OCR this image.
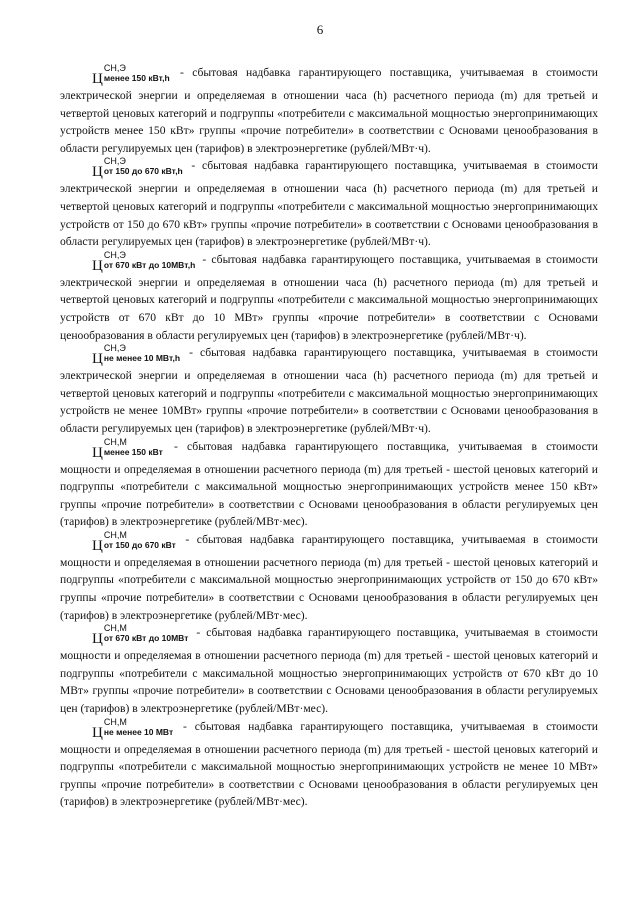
6

Ц
СН,Э
менее 150 кВт,h - сбытовая надбавка гарантирующего поставщика, учитываемая в стоимости электрической энергии и определяемая в отношении часа (h) расчетного периода (m) для третьей и четвертой ценовых категорий и подгруппы «потребители с максимальной мощностью энергопринимающих устройств менее 150 кВт» группы «прочие потребители» в соответствии с Основами ценообразования в области регулируемых цен (тарифов) в электроэнергетике (рублей/МВт·ч).

Ц
СН,Э
от 150 до 670 кВт,h - сбытовая надбавка гарантирующего поставщика, учитываемая в стоимости электрической энергии и определяемая в отношении часа (h) расчетного периода (m) для третьей и четвертой ценовых категорий и подгруппы «потребители с максимальной мощностью энергопринимающих устройств от 150 до 670 кВт» группы «прочие потребители» в соответствии с Основами ценообразования в области регулируемых цен (тарифов) в электроэнергетике (рублей/МВт·ч).

Ц
СН,Э
от 670 кВт до 10МВт,h - сбытовая надбавка гарантирующего поставщика, учитываемая в стоимости электрической энергии и определяемая в отношении часа (h) расчетного периода (m) для третьей и четвертой ценовых категорий и подгруппы «потребители с максимальной мощностью энергопринимающих устройств от 670 кВт до 10 МВт» группы «прочие потребители» в соответствии с Основами ценообразования в области регулируемых цен (тарифов) в электроэнергетике (рублей/МВт·ч).

Ц
СН,Э
не менее 10 МВт,h - сбытовая надбавка гарантирующего поставщика, учитываемая в стоимости электрической энергии и определяемая в отношении часа (h) расчетного периода (m) для третьей и четвертой ценовых категорий и подгруппы «потребители с максимальной мощностью энергопринимающих устройств не менее 10МВт» группы «прочие потребители» в соответствии с Основами ценообразования в области регулируемых цен (тарифов) в электроэнергетике (рублей/МВт·ч).

Ц
СН,М
менее 150 кВт - сбытовая надбавка гарантирующего поставщика, учитываемая в стоимости мощности и определяемая в отношении расчетного периода (m) для третьей - шестой ценовых категорий и подгруппы «потребители с максимальной мощностью энергопринимающих устройств менее 150 кВт» группы «прочие потребители» в соответствии с Основами ценообразования в области регулируемых цен (тарифов) в электроэнергетике (рублей/МВт·мес).

Ц
СН,М
от 150 до 670 кВт - сбытовая надбавка гарантирующего поставщика, учитываемая в стоимости мощности и определяемая в отношении расчетного периода (m) для третьей - шестой ценовых категорий и подгруппы «потребители с максимальной мощностью энергопринимающих устройств от 150 до 670 кВт» группы «прочие потребители» в соответствии с Основами ценообразования в области регулируемых цен (тарифов) в электроэнергетике (рублей/МВт·мес).

Ц
СН,М
от 670 кВт до 10МВт - сбытовая надбавка гарантирующего поставщика, учитываемая в стоимости мощности и определяемая в отношении расчетного периода (m) для третьей - шестой ценовых категорий и подгруппы «потребители с максимальной мощностью энергопринимающих устройств от 670 кВт до 10 МВт» группы «прочие потребители» в соответствии с Основами ценообразования в области регулируемых цен (тарифов) в электроэнергетике (рублей/МВт·мес).

Ц
СН,М
не менее 10 МВт - сбытовая надбавка гарантирующего поставщика, учитываемая в стоимости мощности и определяемая в отношении расчетного периода (m) для третьей - шестой ценовых категорий и подгруппы «потребители с максимальной мощностью энергопринимающих устройств не менее 10 МВт» группы «прочие потребители» в соответствии с Основами ценообразования в области регулируемых цен (тарифов) в электроэнергетике (рублей/МВт·мес).
